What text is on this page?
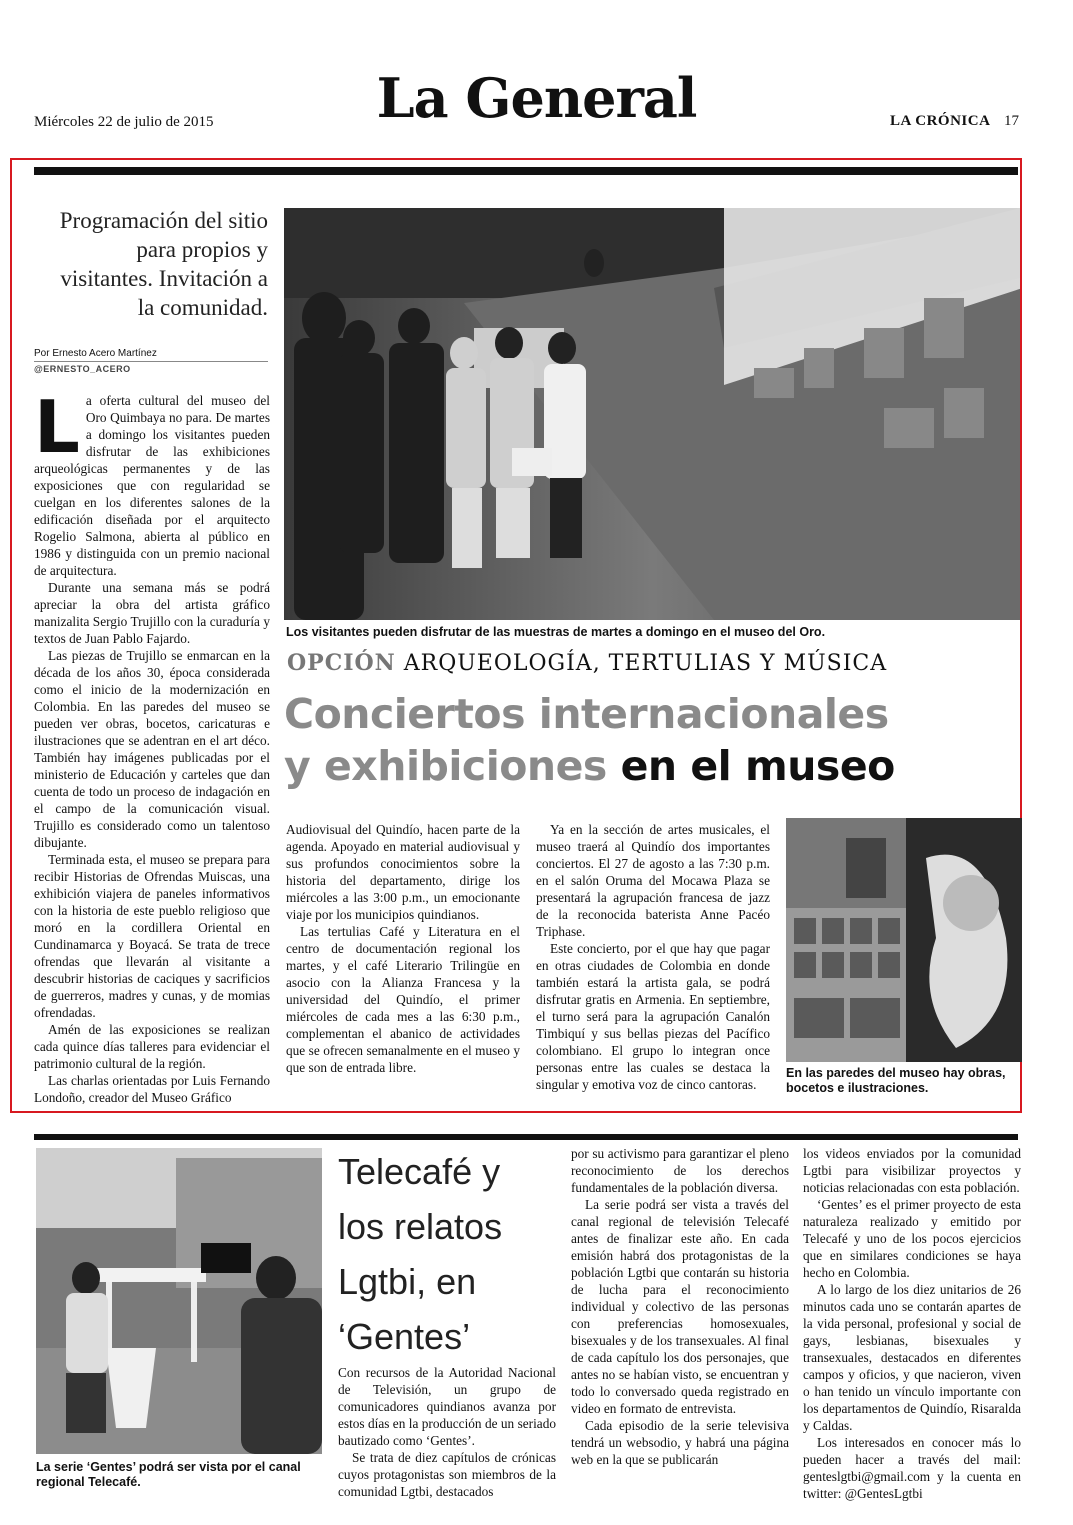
Miércoles 22 de julio de 2015	La General	LA CRÓNICA 17
Programación del sitio para propios y visitantes. Invitación a la comunidad.
Por Ernesto Acero Martínez
@ERNESTO_ACERO

La oferta cultural del museo del Oro Quimbaya no para. De martes a domingo los visitantes pueden disfrutar de las exhibiciones arqueológicas permanentes y de las exposiciones que con regularidad se cuelgan en los diferentes salones de la edificación diseñada por el arquitecto Rogelio Salmona, abierta al público en 1986 y distinguida con un premio nacional de arquitectura.

Durante una semana más se podrá apreciar la obra del artista gráfico manizalita Sergio Trujillo con la curaduría y textos de Juan Pablo Fajardo.

Las piezas de Trujillo se enmarcan en la década de los años 30, época considerada como el inicio de la modernización en Colombia. En las paredes del museo se pueden ver obras, bocetos, caricaturas e ilustraciones que se adentran en el art déco. También hay imágenes publicadas por el ministerio de Educación y carteles que dan cuenta de todo un proceso de indagación en el campo de la comunicación visual. Trujillo es considerado como un talentoso dibujante.

Terminada esta, el museo se prepara para recibir Historias de Ofrendas Muiscas, una exhibición viajera de paneles informativos con la historia de este pueblo religioso que moró en la cordillera Oriental en Cundinamarca y Boyacá. Se trata de trece ofrendas que llevarán al visitante a descubrir historias de caciques y sacrificios de guerreros, madres y cunas, y de momias ofrendadas.

Amén de las exposiciones se realizan cada quince días talleres para evidenciar el patrimonio cultural de la región.

Las charlas orientadas por Luis Fernando Londoño, creador del Museo Gráfico

Los visitantes pueden disfrutar de las muestras de martes a domingo en el museo del Oro.
OPCIÓN ARQUEOLOGÍA, TERTULIAS Y MÚSICA
Conciertos internacionales
y exhibiciones en el museo

Audiovisual del Quindío, hacen parte de la agenda. Apoyado en material audiovisual y sus profundos conocimientos sobre la historia del departamento, dirige los miércoles a las 3:00 p.m., un emocionante viaje por los municipios quindianos.

Las tertulias Café y Literatura en el centro de documentación regional los martes, y el café Literario Trilingüe en asocio con la Alianza Francesa y la universidad del Quindío, el primer miércoles de cada mes a las 6:30 p.m., complementan el abanico de actividades que se ofrecen semanalmente en el museo y que son de entrada libre.

Ya en la sección de artes musicales, el museo traerá al Quindío dos importantes conciertos. El 27 de agosto a las 7:30 p.m. en el salón Oruma del Mocawa Plaza se presentará la agrupación francesa de jazz de la reconocida baterista Anne Pacéo Triphase.

Este concierto, por el que hay que pagar en otras ciudades de Colombia en donde también estará la artista gala, se podrá disfrutar gratis en Armenia. En septiembre, el turno será para la agrupación Canalón Timbiquí y sus bellas piezas del Pacífico colombiano. El grupo lo integran once personas entre las cuales se destaca la singular y emotiva voz de cinco cantoras.

En las paredes del museo hay obras, bocetos e ilustraciones.
La serie ‘Gentes’ podrá ser vista por el canal regional Telecafé.
Telecafé y los relatos Lgtbi, en ‘Gentes’

Con recursos de la Autoridad Nacional de Televisión, un grupo de comunicadores quindianos avanza por estos días en la producción de un seriado bautizado como ‘Gentes’.

Se trata de diez capítulos de crónicas cuyos protagonistas son miembros de la comunidad Lgtbi, destacados

por su activismo para garantizar el pleno reconocimiento de los derechos fundamentales de la población diversa.

La serie podrá ser vista a través del canal regional de televisión Telecafé antes de finalizar este año. En cada emisión habrá dos protagonistas de la población Lgtbi que contarán su historia de lucha para el reconocimiento individual y colectivo de las personas con preferencias homosexuales, bisexuales y de los transexuales. Al final de cada capítulo los dos personajes, que antes no se habían visto, se encuentran y todo lo conversado queda registrado en video en formato de entrevista.

Cada episodio de la serie televisiva tendrá un websodio, y habrá una página web en la que se publicarán

los videos enviados por la comunidad Lgtbi para visibilizar proyectos y noticias relacionadas con esta población.

‘Gentes’ es el primer proyecto de esta naturaleza realizado y emitido por Telecafé y uno de los pocos ejercicios que en similares condiciones se haya hecho en Colombia.

A lo largo de los diez unitarios de 26 minutos cada uno se contarán apartes de la vida personal, profesional y social de gays, lesbianas, bisexuales y transexuales, destacados en diferentes campos y oficios, y que nacieron, viven o han tenido un vínculo importante con los departamentos de Quindío, Risaralda y Caldas.

Los interesados en conocer más lo pueden hacer a través del mail: genteslgtbi@gmail.com y la cuenta en twitter: @GentesLgtbi
